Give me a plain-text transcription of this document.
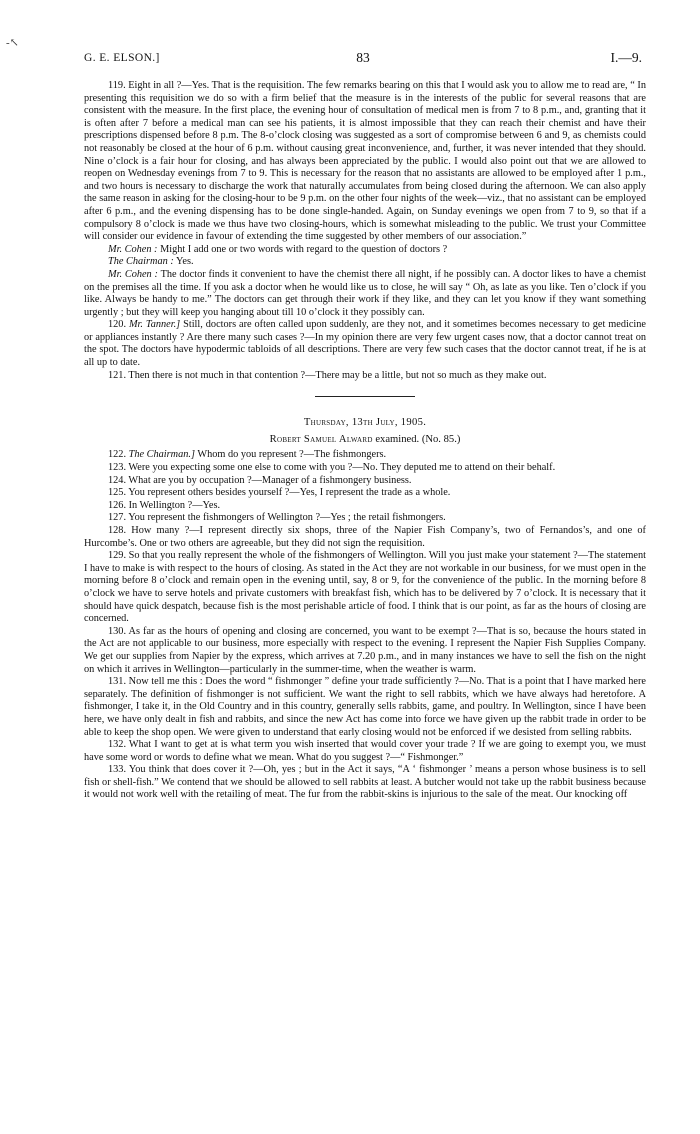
-↖
G. E. ELSON.]	83	I.—9.

119. Eight in all ?—Yes. That is the requisition. The few remarks bearing on this that I would ask you to allow me to read are, “ In presenting this requisition we do so with a firm belief that the measure is in the interests of the public for several reasons that are consistent with the measure. In the first place, the evening hour of consultation of medical men is from 7 to 8 p.m., and, granting that it is often after 7 before a medical man can see his patients, it is almost impossible that they can reach their chemist and have their prescriptions dispensed before 8 p.m. The 8-o’clock closing was suggested as a sort of compromise between 6 and 9, as chemists could not reasonably be closed at the hour of 6 p.m. without causing great inconvenience, and, further, it was never intended that they should. Nine o’clock is a fair hour for closing, and has always been appreciated by the public. I would also point out that we are allowed to reopen on Wednesday evenings from 7 to 9. This is necessary for the reason that no assistants are allowed to be employed after 1 p.m., and two hours is necessary to discharge the work that naturally accumulates from being closed during the afternoon. We can also apply the same reason in asking for the closing-hour to be 9 p.m. on the other four nights of the week—viz., that no assistant can be employed after 6 p.m., and the evening dispensing has to be done single-handed. Again, on Sunday evenings we open from 7 to 9, so that if a compulsory 8 o’clock is made we thus have two closing-hours, which is somewhat misleading to the public. We trust your Committee will consider our evidence in favour of extending the time suggested by other members of our association.”

Mr. Cohen : Might I add one or two words with regard to the question of doctors ?

The Chairman : Yes.

Mr. Cohen : The doctor finds it convenient to have the chemist there all night, if he possibly can. A doctor likes to have a chemist on the premises all the time. If you ask a doctor when he would like us to close, he will say “ Oh, as late as you like. Ten o’clock if you like. Always be handy to me.” The doctors can get through their work if they like, and they can let you know if they want something urgently ; but they will keep you hanging about till 10 o’clock it they possibly can.

120. Mr. Tanner.] Still, doctors are often called upon suddenly, are they not, and it sometimes becomes necessary to get medicine or appliances instantly ? Are there many such cases ?—In my opinion there are very few urgent cases now, that a doctor cannot treat on the spot. The doctors have hypodermic tabloids of all descriptions. There are very few such cases that the doctor cannot treat, if he is at all up to date.

121. Then there is not much in that contention ?—There may be a little, but not so much as they make out.

Thursday, 13th July, 1905.
Robert Samuel Alward examined. (No. 85.)

122. The Chairman.] Whom do you represent ?—The fishmongers.

123. Were you expecting some one else to come with you ?—No. They deputed me to attend on their behalf.

124. What are you by occupation ?—Manager of a fishmongery business.

125. You represent others besides yourself ?—Yes, I represent the trade as a whole.

126. In Wellington ?—Yes.

127. You represent the fishmongers of Wellington ?—Yes ; the retail fishmongers.

128. How many ?—I represent directly six shops, three of the Napier Fish Company’s, two of Fernandos’s, and one of Hurcombe’s. One or two others are agreeable, but they did not sign the requisition.

129. So that you really represent the whole of the fishmongers of Wellington. Will you just make your statement ?—The statement I have to make is with respect to the hours of closing. As stated in the Act they are not workable in our business, for we must open in the morning before 8 o’clock and remain open in the evening until, say, 8 or 9, for the convenience of the public. In the morning before 8 o’clock we have to serve hotels and private customers with breakfast fish, which has to be delivered by 7 o’clock. It is necessary that it should have quick despatch, because fish is the most perishable article of food. I think that is our point, as far as the hours of closing are concerned.

130. As far as the hours of opening and closing are concerned, you want to be exempt ?—That is so, because the hours stated in the Act are not applicable to our business, more especially with respect to the evening. I represent the Napier Fish Supplies Company. We get our supplies from Napier by the express, which arrives at 7.20 p.m., and in many instances we have to sell the fish on the night on which it arrives in Wellington—particularly in the summer-time, when the weather is warm.

131. Now tell me this : Does the word “ fishmonger ” define your trade sufficiently ?—No. That is a point that I have marked here separately. The definition of fishmonger is not sufficient. We want the right to sell rabbits, which we have always had heretofore. A fishmonger, I take it, in the Old Country and in this country, generally sells rabbits, game, and poultry. In Wellington, since I have been here, we have only dealt in fish and rabbits, and since the new Act has come into force we have given up the rabbit trade in order to be able to keep the shop open. We were given to understand that early closing would not be enforced if we desisted from selling rabbits.

132. What I want to get at is what term you wish inserted that would cover your trade ? If we are going to exempt you, we must have some word or words to define what we mean. What do you suggest ?—“ Fishmonger.”

133. You think that does cover it ?—Oh, yes ; but in the Act it says, “A ‘ fishmonger ’ means a person whose business is to sell fish or shell-fish.” We contend that we should be allowed to sell rabbits at least. A butcher would not take up the rabbit business because it would not work well with the retailing of meat. The fur from the rabbit-skins is injurious to the sale of the meat. Our knocking off
